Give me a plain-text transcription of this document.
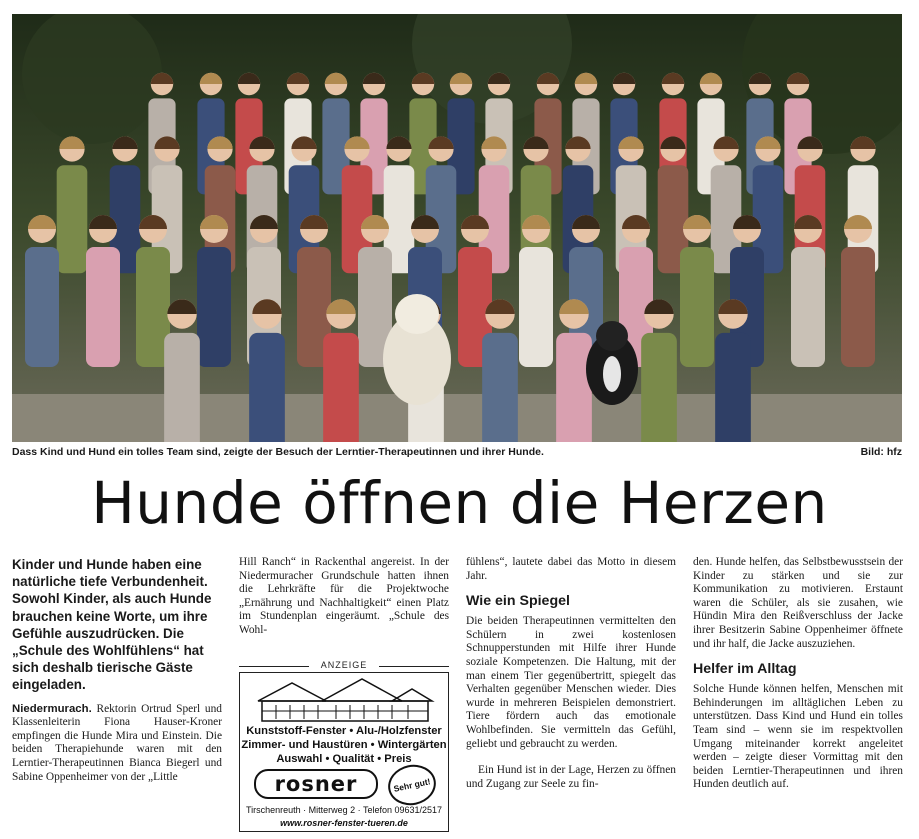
Dass Kind und Hund ein tolles Team sind, zeigte der Besuch der Lerntier-Therapeutinnen und ihrer Hunde.	Bild: hfz
Hunde öffnen die Herzen

Kinder und Hunde haben eine natürliche tiefe Verbundenheit. Sowohl Kinder, als auch Hunde brauchen keine Worte, um ihre Gefühle auszudrücken. Die „Schule des Wohlfühlens“ hat sich deshalb tierische Gäste eingeladen.

Niedermurach. Rektorin Ortrud Sperl und Klassenleiterin Fiona Hauser-Kroner empfingen die Hunde Mira und Einstein. Die beiden Therapiehunde waren mit den Lerntier-Therapeutinnen Bianca Biegerl und Sabine Oppenheimer von der „Little

Hill Ranch“ in Rackenthal angereist. In der Niedermuracher Grundschule hatten ihnen die Lehrkräfte für die Projektwoche „Ernährung und Nachhaltigkeit“ einen Platz im Stundenplan eingeräumt. „Schule des Wohl-

ANZEIGE
Kunststoff-Fenster • Alu-/Holzfenster
Zimmer- und Haustüren • Wintergärten
Auswahl • Qualität • Preis
rosner	Sehr gut!
Tirschenreuth · Mitterweg 2 · Telefon 09631/2517
www.rosner-fenster-tueren.de

fühlens“, lautete dabei das Motto in diesem Jahr.

Wie ein Spiegel

Die beiden Therapeutinnen vermittelten den Schülern in zwei kostenlosen Schnupperstunden mit Hilfe ihrer Hunde soziale Kompetenzen. Die Haltung, mit der man einem Tier gegenübertritt, spiegelt das Verhalten gegenüber Menschen wieder. Dies wurde in mehreren Beispielen demonstriert. Tiere fördern auch das emotionale Wohlbefinden. Sie vermitteln das Gefühl, geliebt und gebraucht zu werden.

Ein Hund ist in der Lage, Herzen zu öffnen und Zugang zur Seele zu fin-

den. Hunde helfen, das Selbstbewusstsein der Kinder zu stärken und sie zur Kommunikation zu motivieren. Erstaunt waren die Schüler, als sie zusahen, wie Hündin Mira den Reißverschluss der Jacke ihrer Besitzerin Sabine Oppenheimer öffnete und ihr half, die Jacke auszuziehen.

Helfer im Alltag

Solche Hunde können helfen, Menschen mit Behinderungen im alltäglichen Leben zu unterstützen. Dass Kind und Hund ein tolles Team sind – wenn sie im respektvollen Umgang miteinander korrekt angeleitet werden – zeigte dieser Vormittag mit den beiden Lerntier-Therapeutinnen und ihren Hunden deutlich auf.
